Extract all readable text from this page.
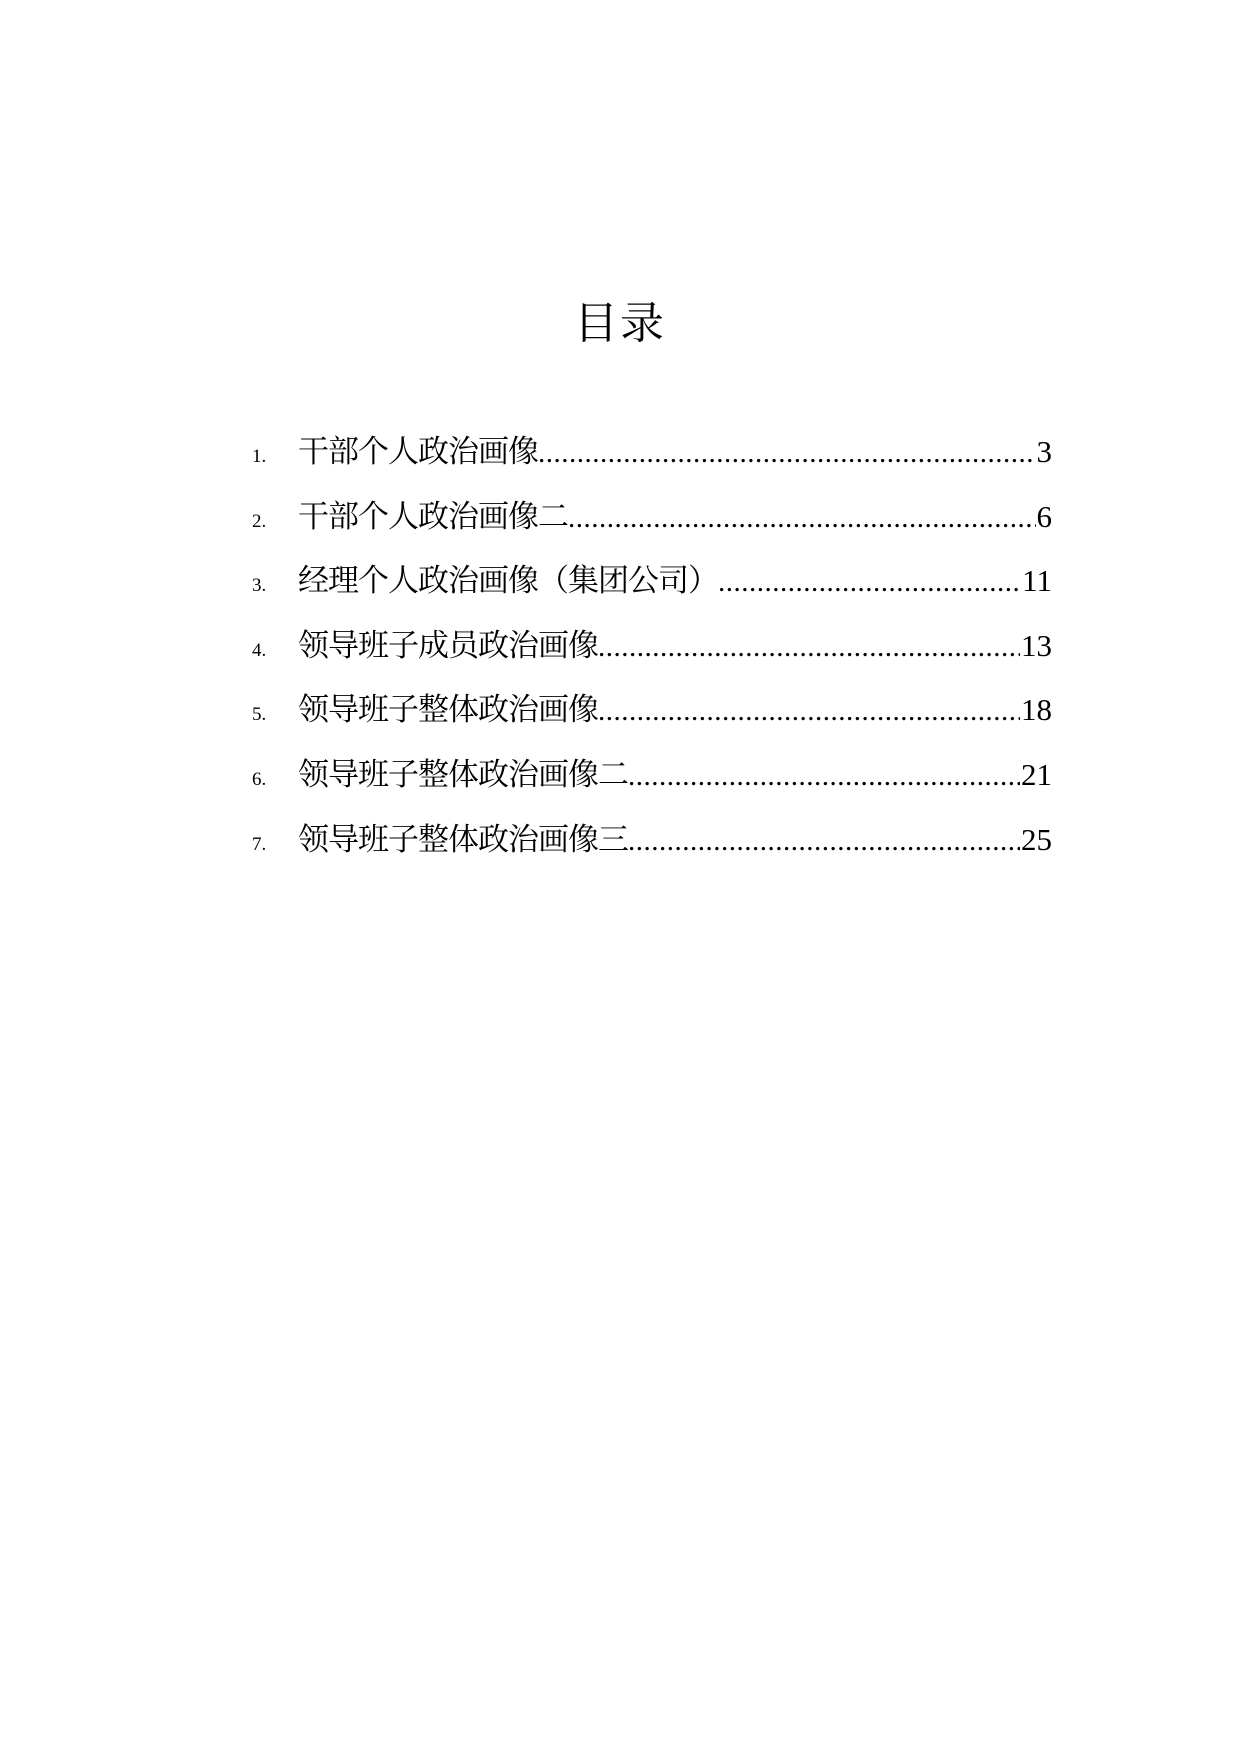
目录
1.	干部个人政治画像 .....	3
2.	干部个人政治画像二 .....	6
3.	经理个人政治画像（集团公司） .....	11
4.	领导班子成员政治画像 .....	13
5.	领导班子整体政治画像 .....	18
6.	领导班子整体政治画像二 .....	21
7.	领导班子整体政治画像三 .....	25
